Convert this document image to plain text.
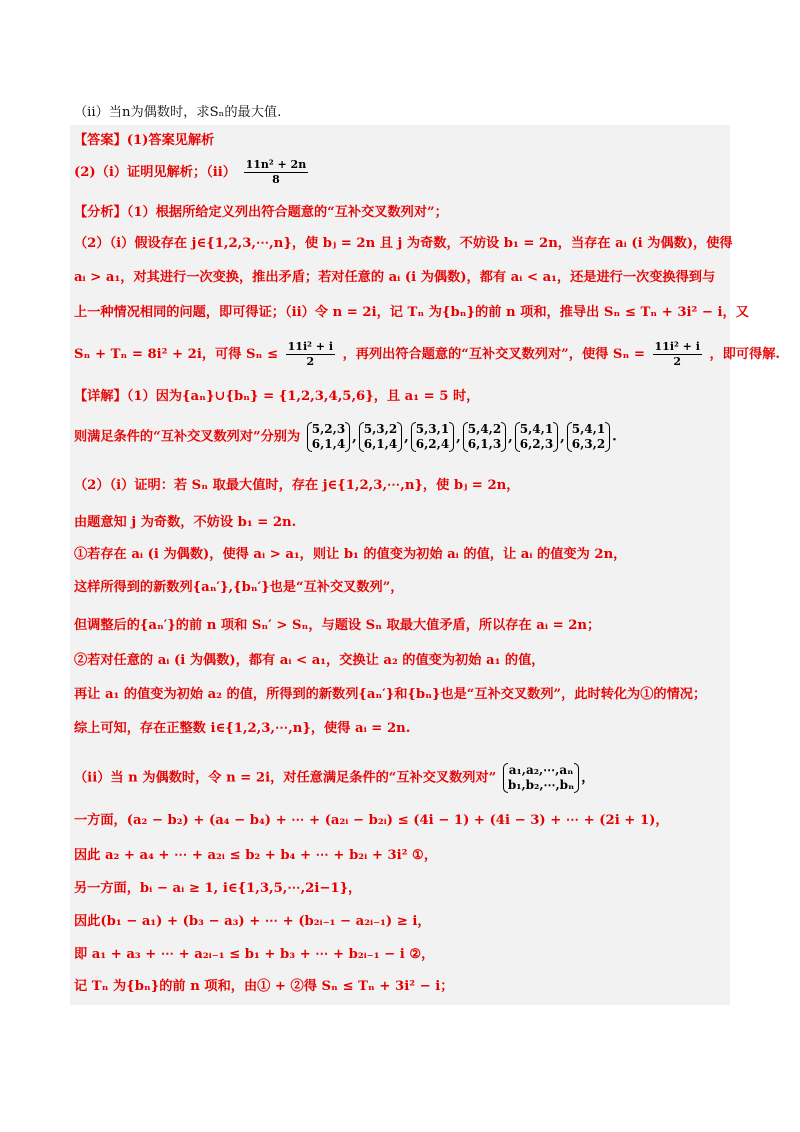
（ii）当n为偶数时，求Sₙ的最大值.
【答案】(1)答案见解析
(2)（i）证明见解析；$(ii) \frac{\text{11n² + 2n}}{8}$
【分析】（1）根据所给定义列出符合题意的“互补交叉数列对”；
（2）（i）假设存在 j∈{1,2,3,⋯,n}，使 bⱼ = 2n 且 j 为奇数，不妨设 b₁ = 2n，当存在 aᵢ (i 为偶数)，使得
aᵢ > a₁，对其进行一次变换，推出矛盾；若对任意的 aᵢ (i 为偶数)，都有 aᵢ < a₁，还是进行一次变换得到与
上一种情况相同的问题，即可得证；（ii）令 n = 2i，记 Tₙ 为{bₙ}的前 n 项和，推导出 Sₙ ≤ Tₙ + 3i² − i，又
Sₙ + Tₙ = 8i² + 2i，可得 $S_n \le \frac{\text{11i² + i}}{2}$ ，再列出符合题意的“互补交叉数列对”，使得 $S_n = \frac{\text{11i² + i}}{2}$ ，即可得解.
【详解】（1）因为{aₙ}∪{bₙ} = {1,2,3,4,5,6}，且 a₁ = 5 时，
则满足条件的“互补交叉数列对”分别为
5,2,3
6,1,4 ,
5,3,2
6,1,4 ,
5,3,1
6,2,4 ,
5,4,2
6,1,3 ,
5,4,1
6,2,3 ,
5,4,1
6,3,2 .
（2）（i）证明：若 Sₙ 取最大值时，存在 j∈{1,2,3,⋯,n}，使 bⱼ = 2n，
由题意知 j 为奇数，不妨设 b₁ = 2n.
①若存在 aᵢ (i 为偶数)，使得 aᵢ > a₁，则让 b₁ 的值变为初始 aᵢ 的值，让 aᵢ 的值变为 2n，
这样所得到的新数列{aₙ′},{bₙ′}也是“互补交叉数列”，
但调整后的{aₙ′}的前 n 项和 Sₙ′ > Sₙ，与题设 Sₙ 取最大值矛盾，所以存在 aᵢ = 2n；
②若对任意的 aᵢ (i 为偶数)，都有 aᵢ < a₁，交换让 a₂ 的值变为初始 a₁ 的值，
再让 a₁ 的值变为初始 a₂ 的值，所得到的新数列{aₙ′}和{bₙ}也是“互补交叉数列”，此时转化为①的情况；
综上可知，存在正整数 i∈{1,2,3,⋯,n}，使得 aᵢ = 2n.
（ii）当 n 为偶数时，令 n = 2i，对任意满足条件的“互补交叉数列对”
a₁,a₂,⋯,aₙ
b₁,b₂,⋯,bₙ ，
一方面，(a₂ − b₂) + (a₄ − b₄) + ⋯ + (a₂ᵢ − b₂ᵢ) ≤ (4i − 1) + (4i − 3) + ⋯ + (2i + 1)，
因此 a₂ + a₄ + ⋯ + a₂ᵢ ≤ b₂ + b₄ + ⋯ + b₂ᵢ + 3i² ①，
另一方面，bᵢ − aᵢ ≥ 1, i∈{1,3,5,⋯,2i−1}，
因此(b₁ − a₁) + (b₃ − a₃) + ⋯ + (b₂ᵢ₋₁ − a₂ᵢ₋₁) ≥ i，
即 a₁ + a₃ + ⋯ + a₂ᵢ₋₁ ≤ b₁ + b₃ + ⋯ + b₂ᵢ₋₁ − i ②，
记 Tₙ 为{bₙ}的前 n 项和，由① + ②得 Sₙ ≤ Tₙ + 3i² − i；
